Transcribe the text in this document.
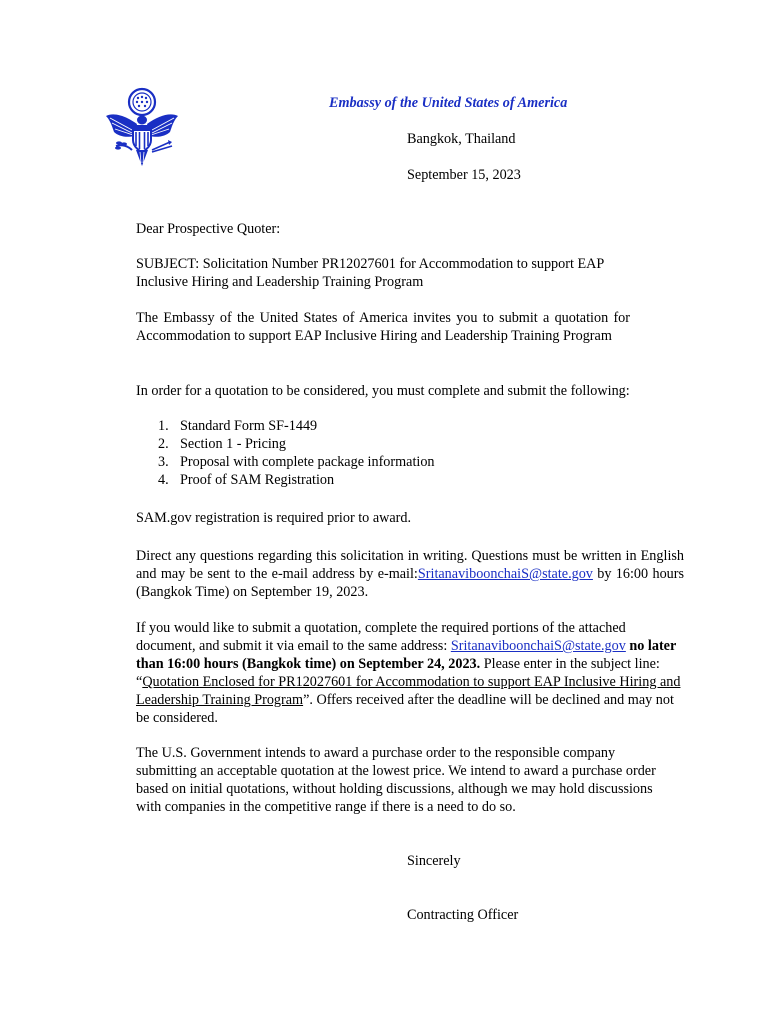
Embassy of the United States of America
Bangkok, Thailand
September 15, 2023

Dear Prospective Quoter:

SUBJECT: Solicitation Number PR12027601 for Accommodation to support EAP Inclusive Hiring and Leadership Training Program

The Embassy of the United States of America invites you to submit a quotation for Accommodation to support EAP Inclusive Hiring and Leadership Training Program

In order for a quotation to be considered, you must complete and submit the following:

1. Standard Form SF-1449
2. Section 1 - Pricing
3. Proposal with complete package information
4. Proof of SAM Registration

SAM.gov registration is required prior to award.

Direct any questions regarding this solicitation in writing. Questions must be written in English and may be sent to the e-mail address by e-mail:SritanaviboonchaiS@state.gov by 16:00 hours (Bangkok Time) on September 19, 2023.

If you would like to submit a quotation, complete the required portions of the attached document, and submit it via email to the same address: SritanaviboonchaiS@state.gov no later than 16:00 hours (Bangkok time) on September 24, 2023. Please enter in the subject line: “Quotation Enclosed for PR12027601 for Accommodation to support EAP Inclusive Hiring and Leadership Training Program”. Offers received after the deadline will be declined and may not be considered.

The U.S. Government intends to award a purchase order to the responsible company submitting an acceptable quotation at the lowest price. We intend to award a purchase order based on initial quotations, without holding discussions, although we may hold discussions with companies in the competitive range if there is a need to do so.

Sincerely
Contracting Officer
